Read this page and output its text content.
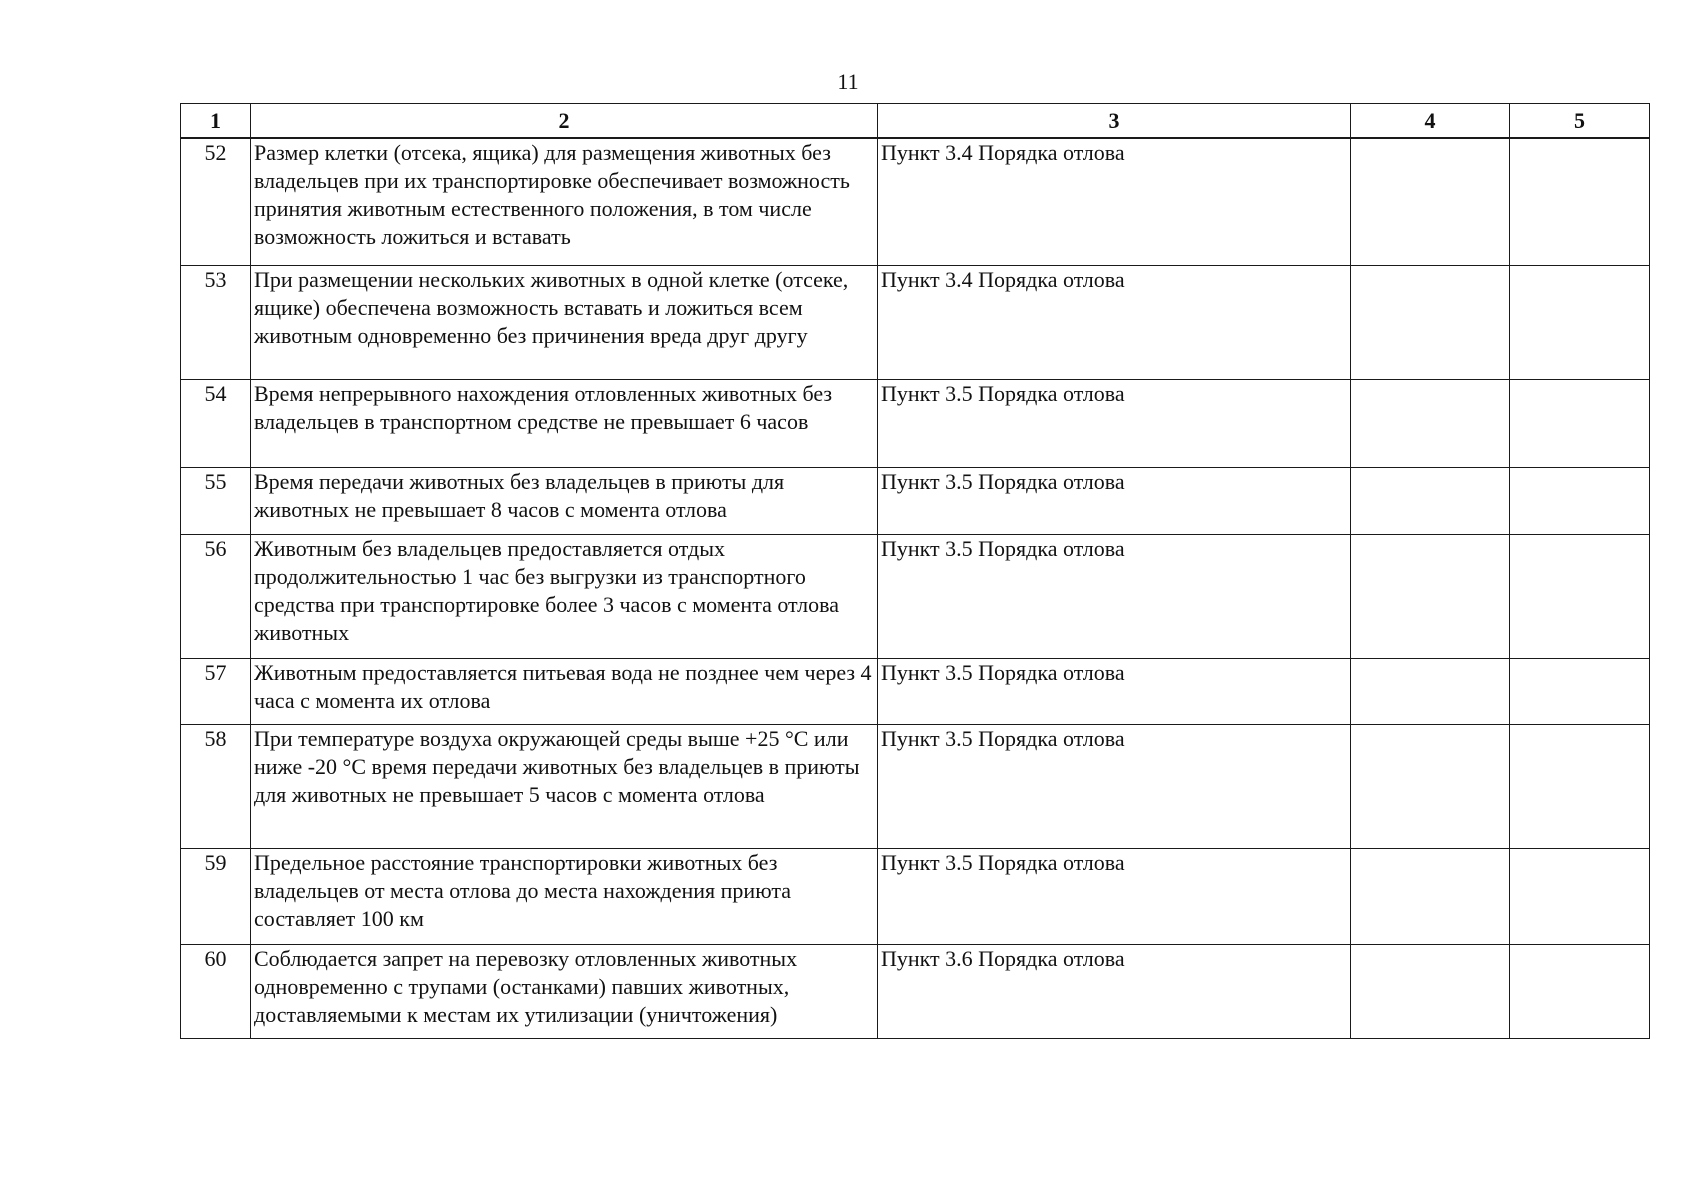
11
1	2	3	4	5
52	Размер клетки (отсека, ящика) для размещения животных без владельцев при их транспортировке обеспечивает возможность принятия животным естественного положения, в том числе возможность ложиться и вставать	Пункт 3.4 Порядка отлова		
53	При размещении нескольких животных в одной клетке (отсеке, ящике) обеспечена возможность вставать и ложиться всем животным одновременно без причинения вреда друг другу	Пункт 3.4 Порядка отлова		
54	Время непрерывного нахождения отловленных животных без владельцев в транспортном средстве не превышает 6 часов	Пункт 3.5 Порядка отлова		
55	Время передачи животных без владельцев в приюты для животных не превышает 8 часов с момента отлова	Пункт 3.5 Порядка отлова		
56	Животным без владельцев предоставляется отдых продолжительностью 1 час без выгрузки из транспортного средства при транспортировке более 3 часов с момента отлова животных	Пункт 3.5 Порядка отлова		
57	Животным предоставляется питьевая вода не позднее чем через 4 часа с момента их отлова	Пункт 3.5 Порядка отлова		
58	При температуре воздуха окружающей среды выше +25 °С или ниже -20 °С время передачи животных без владельцев в приюты для животных не превышает 5 часов с момента отлова	Пункт 3.5 Порядка отлова		
59	Предельное расстояние транспортировки животных без владельцев от места отлова до места нахождения приюта составляет 100 км	Пункт 3.5 Порядка отлова		
60	Соблюдается запрет на перевозку отловленных животных одновременно с трупами (останками) павших животных, доставляемыми к местам их утилизации (уничтожения)	Пункт 3.6 Порядка отлова		
